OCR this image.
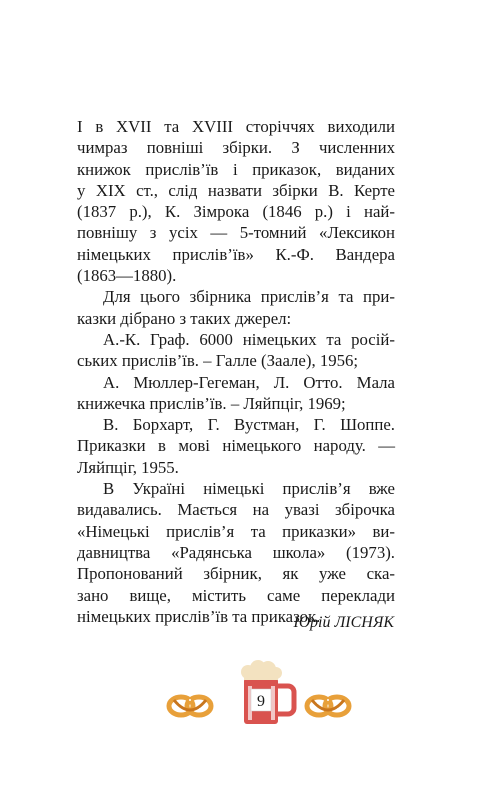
І в XVII та XVIII сторіччях виходили
чимраз повніші збірки. З численних
книжок прислів’їв і приказок, виданих
у XIX ст., слід назвати збірки В. Керте
(1837 р.), К. Зімрока (1846 р.) і най-
повнішу з усіх — 5-томний «Лексикон
німецьких прислів’їв» К.-Ф. Вандера
(1863—1880).
Для цього збірника прислів’я та при-
казки дібрано з таких джерел:
А.-К. Граф. 6000 німецьких та росій-
ських прислів’їв. – Галле (Заале), 1956;
А. Мюллер-Гегеман, Л. Отто. Мала
книжечка прислів’їв. – Ляйпціг, 1969;
В. Борхарт, Г. Вустман, Г. Шоппе.
Приказки в мові німецького народу. —
Ляйпціг, 1955.
В Україні німецькі прислів’я вже
видавались. Мається на увазі збірочка
«Німецькі прислів’я та приказки» ви-
давництва «Радянська школа» (1973).
Пропонований збірник, як уже ска-
зано вище, містить саме переклади
німецьких прислів’їв та приказок.
Юрій ЛІСНЯК
9
